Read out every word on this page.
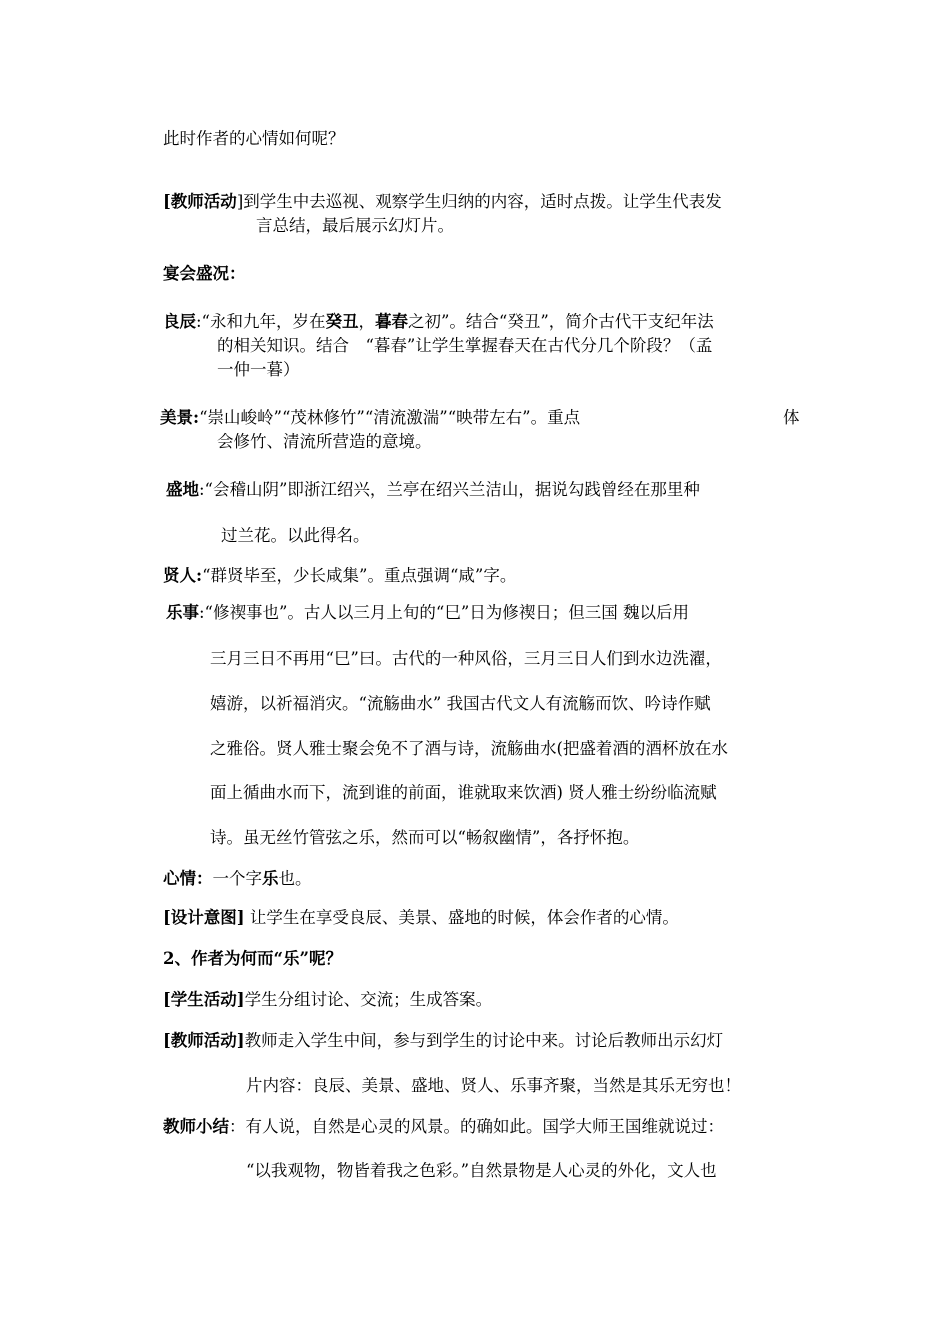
此时作者的心情如何呢？
[教师活动]到学生中去巡视、观察学生归纳的内容，适时点拨。让学生代表发
言总结，最后展示幻灯片。
宴会盛况：
良辰:“永和九年，岁在癸丑，暮春之初”。结合“癸丑”，简介古代干支纪年法
的相关知识。结合　“暮春”让学生掌握春天在古代分几个阶段？（孟
一仲一暮）
美景:“崇山峻岭”“茂林修竹”“清流激湍”“映带左右”。重点	体
会修竹、清流所营造的意境。
盛地:“会稽山阴”即浙江绍兴，兰亭在绍兴兰洁山，据说勾践曾经在那里种
过兰花。以此得名。
贤人:“群贤毕至，少长咸集”。重点强调“咸”字。
乐事:“修禊事也”。古人以三月上旬的“巳”日为修禊日；但三国 魏以后用
三月三日不再用“巳”曰。古代的一种风俗，三月三日人们到水边洗濯，
嬉游，以祈福消灾。“流觞曲水” 我国古代文人有流觞而饮、吟诗作赋
之雅俗。贤人雅士聚会免不了酒与诗，流觞曲水(把盛着酒的酒杯放在水
面上循曲水而下，流到谁的前面，谁就取来饮酒) 贤人雅士纷纷临流赋
诗。虽无丝竹管弦之乐，然而可以“畅叙幽情”，各抒怀抱。
心情：一个字乐也。
[设计意图] 让学生在享受良辰、美景、盛地的时候，体会作者的心情。
2、作者为何而“乐”呢？
[学生活动]学生分组讨论、交流；生成答案。
[教师活动]教师走入学生中间，参与到学生的讨论中来。讨论后教师出示幻灯
片内容：良辰、美景、盛地、贤人、乐事齐聚，当然是其乐无穷也！
教师小结：有人说，自然是心灵的风景。的确如此。国学大师王国维就说过：
“以我观物，物皆着我之色彩。”自然景物是人心灵的外化，文人也
